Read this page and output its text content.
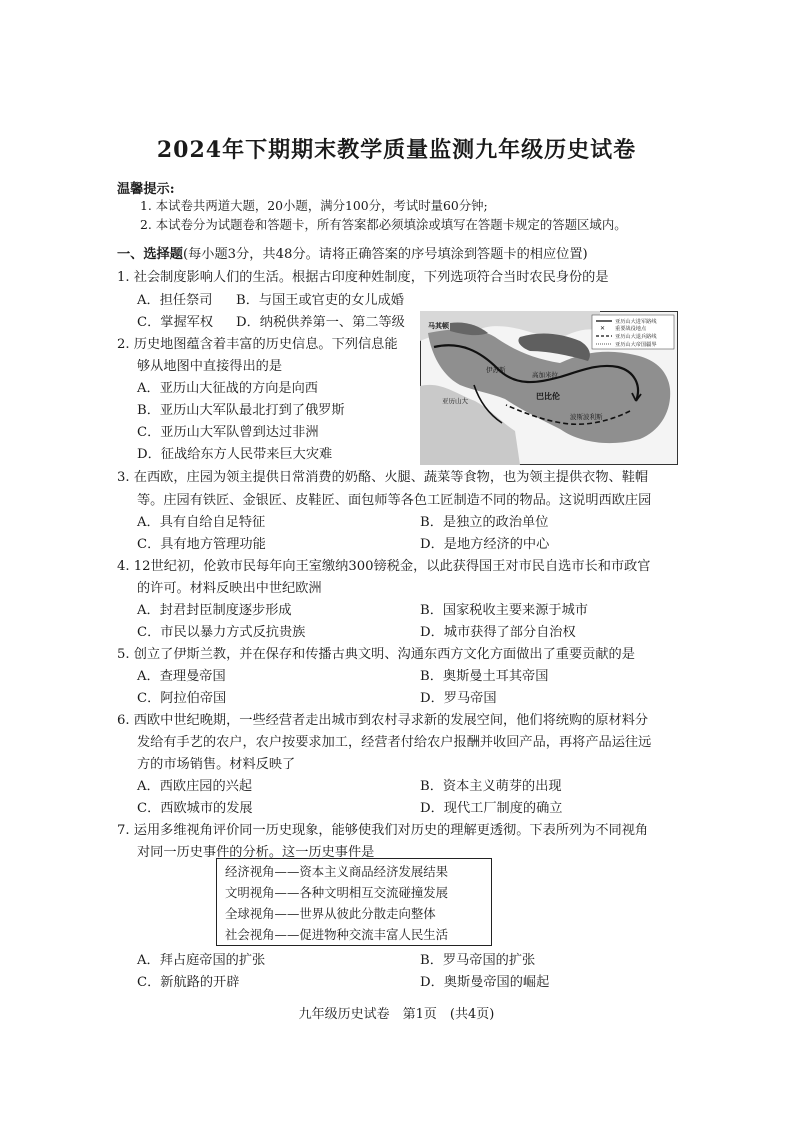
2024年下期期末教学质量监测九年级历史试卷
温馨提示:
1. 本试卷共两道大题，20小题，满分100分，考试时量60分钟;
2. 本试卷分为试题卷和答题卡，所有答案都必须填涂或填写在答题卡规定的答题区域内。
一、选择题(每小题3分，共48分。请将正确答案的序号填涂到答题卡的相应位置)
1. 社会制度影响人们的生活。根据古印度种姓制度，下列选项符合当时农民身份的是
A．担任祭司 B．与国王或官吏的女儿成婚
C．掌握军权 D．纳税供养第一、第二等级
2. 历史地图蕴含着丰富的历史信息。下列信息能
够从地图中直接得出的是
A．亚历山大征战的方向是向西
B．亚历山大军队最北打到了俄罗斯
C．亚历山大军队曾到达过非洲
D．征战给东方人民带来巨大灾难
亚历山大进军路线
✕ 重要战役地点
亚历山大退兵路线
亚历山大帝国疆界
马其顿
伊苏斯
高加米拉
亚历山大	巴比伦
波斯波利斯
3. 在西欧，庄园为领主提供日常消费的奶酪、火腿、蔬菜等食物，也为领主提供衣物、鞋帽
等。庄园有铁匠、金银匠、皮鞋匠、面包师等各色工匠制造不同的物品。这说明西欧庄园
A．具有自给自足特征	B．是独立的政治单位
C．具有地方管理功能	D．是地方经济的中心
4. 12世纪初，伦敦市民每年向王室缴纳300镑税金，以此获得国王对市民自选市长和市政官
的许可。材料反映出中世纪欧洲
A．封君封臣制度逐步形成	B．国家税收主要来源于城市
C．市民以暴力方式反抗贵族	D．城市获得了部分自治权
5. 创立了伊斯兰教，并在保存和传播古典文明、沟通东西方文化方面做出了重要贡献的是
A．查理曼帝国	B．奥斯曼土耳其帝国
C．阿拉伯帝国	D．罗马帝国
6. 西欧中世纪晚期，一些经营者走出城市到农村寻求新的发展空间，他们将统购的原材料分
发给有手艺的农户，农户按要求加工，经营者付给农户报酬并收回产品，再将产品运往远
方的市场销售。材料反映了
A．西欧庄园的兴起	B．资本主义萌芽的出现
C．西欧城市的发展	D．现代工厂制度的确立
7. 运用多维视角评价同一历史现象，能够使我们对历史的理解更透彻。下表所列为不同视角
对同一历史事件的分析。这一历史事件是
经济视角——资本主义商品经济发展结果
文明视角——各种文明相互交流碰撞发展
全球视角——世界从彼此分散走向整体
社会视角——促进物种交流丰富人民生活
A．拜占庭帝国的扩张	B．罗马帝国的扩张
C．新航路的开辟	D．奥斯曼帝国的崛起
九年级历史试卷　第1页　(共4页)
